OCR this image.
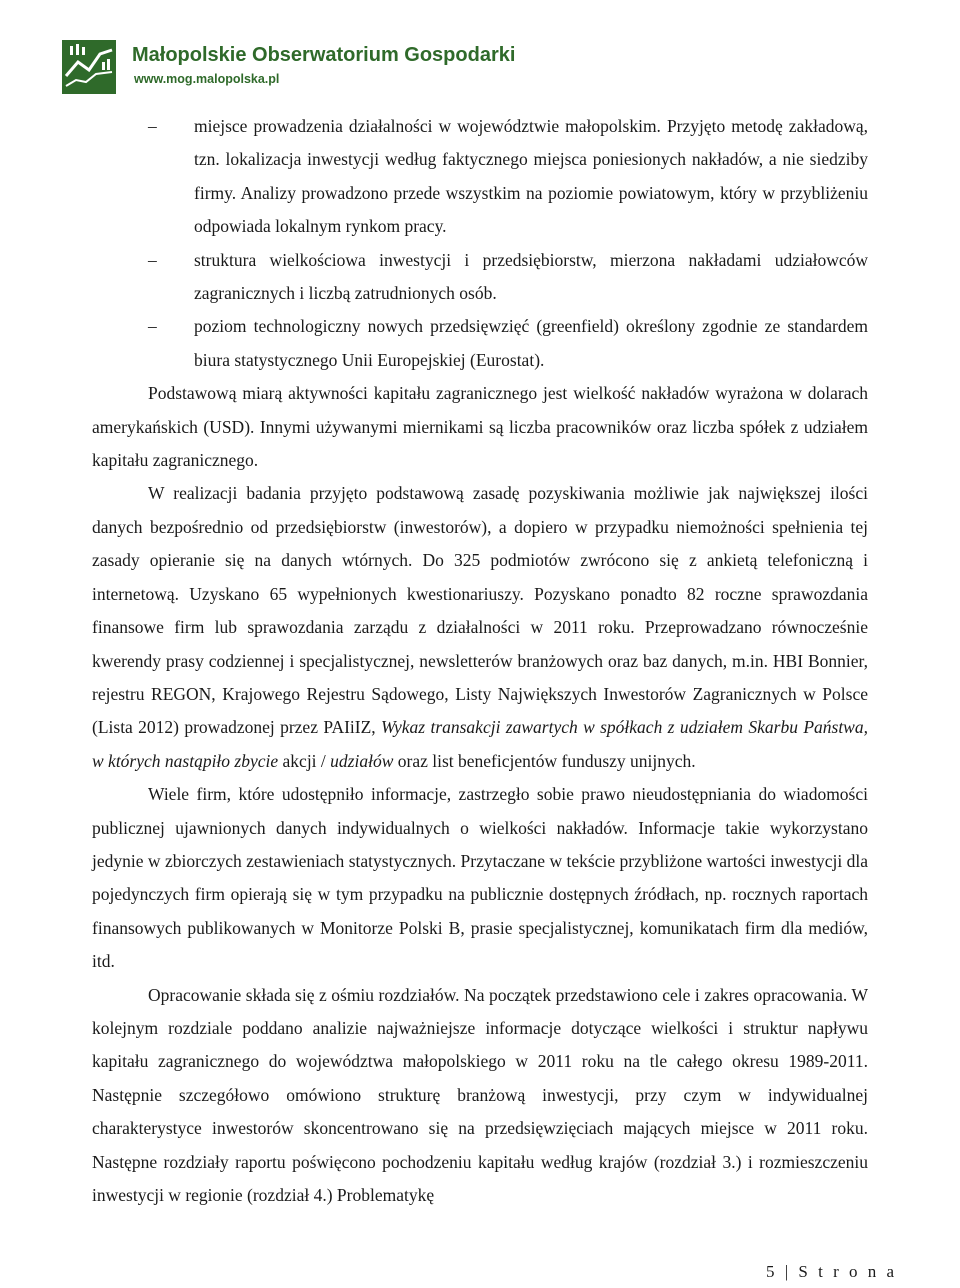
Małopolskie Obserwatorium Gospodarki
www.mog.malopolska.pl
– miejsce prowadzenia działalności w województwie małopolskim. Przyjęto metodę zakładową, tzn. lokalizacja inwestycji według faktycznego miejsca poniesionych nakładów, a nie siedziby firmy. Analizy prowadzono przede wszystkim na poziomie powiatowym, który w przybliżeniu odpowiada lokalnym rynkom pracy.
– struktura wielkościowa inwestycji i przedsiębiorstw, mierzona nakładami udziałowców zagranicznych i liczbą zatrudnionych osób.
– poziom technologiczny nowych przedsięwzięć (greenfield) określony zgodnie ze standardem biura statystycznego Unii Europejskiej (Eurostat).

Podstawową miarą aktywności kapitału zagranicznego jest wielkość nakładów wyrażona w dolarach amerykańskich (USD). Innymi używanymi miernikami są liczba pracowników oraz liczba spółek z udziałem kapitału zagranicznego.

W realizacji badania przyjęto podstawową zasadę pozyskiwania możliwie jak największej ilości danych bezpośrednio od przedsiębiorstw (inwestorów), a dopiero w przypadku niemożności spełnienia tej zasady opieranie się na danych wtórnych. Do 325 podmiotów zwrócono się z ankietą telefoniczną i internetową. Uzyskano 65 wypełnionych kwestionariuszy. Pozyskano ponadto 82 roczne sprawozdania finansowe firm lub sprawozdania zarządu z działalności w 2011 roku. Przeprowadzano równocześnie kwerendy prasy codziennej i specjalistycznej, newsletterów branżowych oraz baz danych, m.in. HBI Bonnier, rejestru REGON, Krajowego Rejestru Sądowego, Listy Największych Inwestorów Zagranicznych w Polsce (Lista 2012) prowadzonej przez PAIiIZ, Wykaz transakcji zawartych w spółkach z udziałem Skarbu Państwa, w których nastąpiło zbycie akcji / udziałów oraz list beneficjentów funduszy unijnych.

Wiele firm, które udostępniło informacje, zastrzegło sobie prawo nieudostępniania do wiadomości publicznej ujawnionych danych indywidualnych o wielkości nakładów. Informacje takie wykorzystano jedynie w zbiorczych zestawieniach statystycznych. Przytaczane w tekście przybliżone wartości inwestycji dla pojedynczych firm opierają się w tym przypadku na publicznie dostępnych źródłach, np. rocznych raportach finansowych publikowanych w Monitorze Polski B, prasie specjalistycznej, komunikatach firm dla mediów, itd.

Opracowanie składa się z ośmiu rozdziałów. Na początek przedstawiono cele i zakres opracowania. W kolejnym rozdziale poddano analizie najważniejsze informacje dotyczące wielkości i struktur napływu kapitału zagranicznego do województwa małopolskiego w 2011 roku na tle całego okresu 1989-2011. Następnie szczegółowo omówiono strukturę branżową inwestycji, przy czym w indywidualnej charakterystyce inwestorów skoncentrowano się na przedsięwzięciach mających miejsce w 2011 roku. Następne rozdziały raportu poświęcono pochodzeniu kapitału według krajów (rozdział 3.) i rozmieszczeniu inwestycji w regionie (rozdział 4.) Problematykę

5 | S t r o n a
